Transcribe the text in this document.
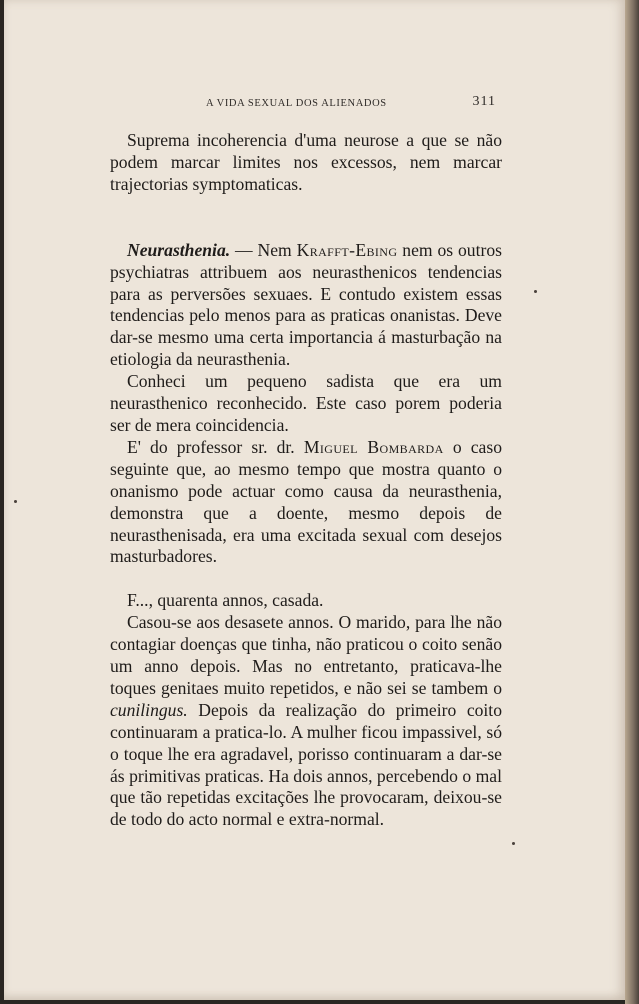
A VIDA SEXUAL DOS ALIENADOS	311

Suprema incoherencia d'uma neurose a que se não podem marcar limites nos excessos, nem marcar trajectorias symptomaticas.

Neurasthenia. — Nem Krafft-Ebing nem os outros psychiatras attribuem aos neurasthenicos tendencias para as perversões sexuaes. E contudo existem essas tendencias pelo menos para as praticas onanistas. Deve dar-se mesmo uma certa importancia á masturbação na etiologia da neurasthenia.

Conheci um pequeno sadista que era um neurasthenico reconhecido. Este caso porem poderia ser de mera coincidencia.

E' do professor sr. dr. Miguel Bombarda o caso seguinte que, ao mesmo tempo que mostra quanto o onanismo pode actuar como causa da neurasthenia, demonstra que a doente, mesmo depois de neurasthenisada, era uma excitada sexual com desejos masturbadores.

F..., quarenta annos, casada.

Casou-se aos desasete annos. O marido, para lhe não contagiar doenças que tinha, não praticou o coito senão um anno depois. Mas no entretanto, praticava-lhe toques genitaes muito repetidos, e não sei se tambem o cunilingus. Depois da realização do primeiro coito continuaram a pratica-lo. A mulher ficou impassivel, só o toque lhe era agradavel, porisso continuaram a dar-se ás primitivas praticas. Ha dois annos, percebendo o mal que tão repetidas excitações lhe provocaram, deixou-se de todo do acto normal e extra-normal.
